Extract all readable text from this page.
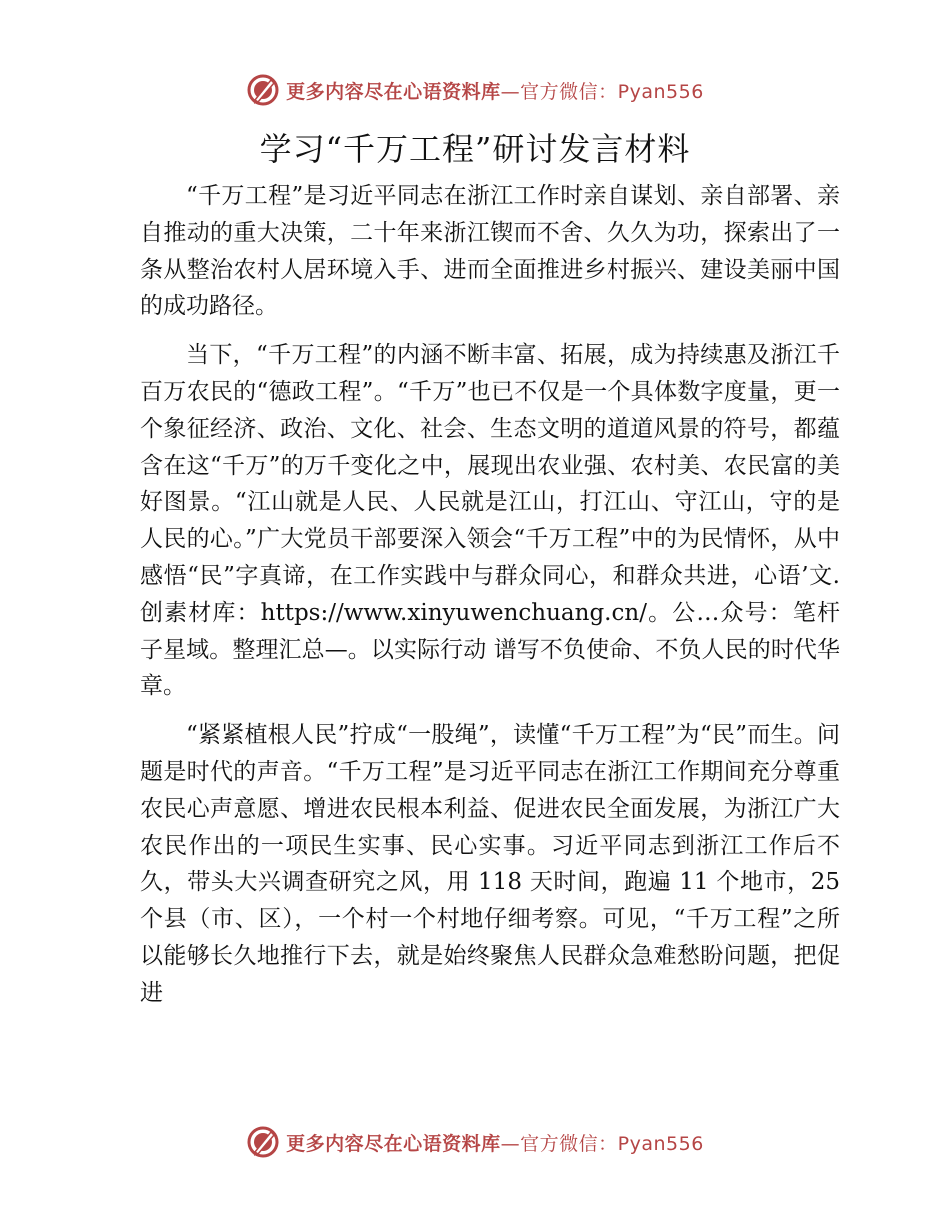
更多内容尽在心语资料库—官方微信：Pyan556
学习“千万工程”研讨发言材料

“千万工程”是习近平同志在浙江工作时亲自谋划、亲自部署、亲自推动的重大决策，二十年来浙江锲而不舍、久久为功，探索出了一条从整治农村人居环境入手、进而全面推进乡村振兴、建设美丽中国的成功路径。

当下，“千万工程”的内涵不断丰富、拓展，成为持续惠及浙江千百万农民的“德政工程”。“千万”也已不仅是一个具体数字度量，更一个象征经济、政治、文化、社会、生态文明的道道风景的符号，都蕴含在这“千万”的万千变化之中，展现出农业强、农村美、农民富的美好图景。“江山就是人民、人民就是江山，打江山、守江山，守的是人民的心。”广大党员干部要深入领会“千万工程”中的为民情怀，从中感悟“民”字真谛，在工作实践中与群众同心，和群众共进，心语’文.创素材库：https://www.xinyuwenchuang.cn/。公…众号：笔杆子星域。整理汇总—。以实际行动 谱写不负使命、不负人民的时代华章。

“紧紧植根人民”拧成“一股绳”，读懂“千万工程”为“民”而生。问题是时代的声音。“千万工程”是习近平同志在浙江工作期间充分尊重农民心声意愿、增进农民根本利益、促进农民全面发展，为浙江广大农民作出的一项民生实事、民心实事。习近平同志到浙江工作后不久，带头大兴调查研究之风，用 118 天时间，跑遍 11 个地市，25 个县（市、区），一个村一个村地仔细考察。可见，“千万工程”之所以能够长久地推行下去，就是始终聚焦人民群众急难愁盼问题，把促进

更多内容尽在心语资料库—官方微信：Pyan556
